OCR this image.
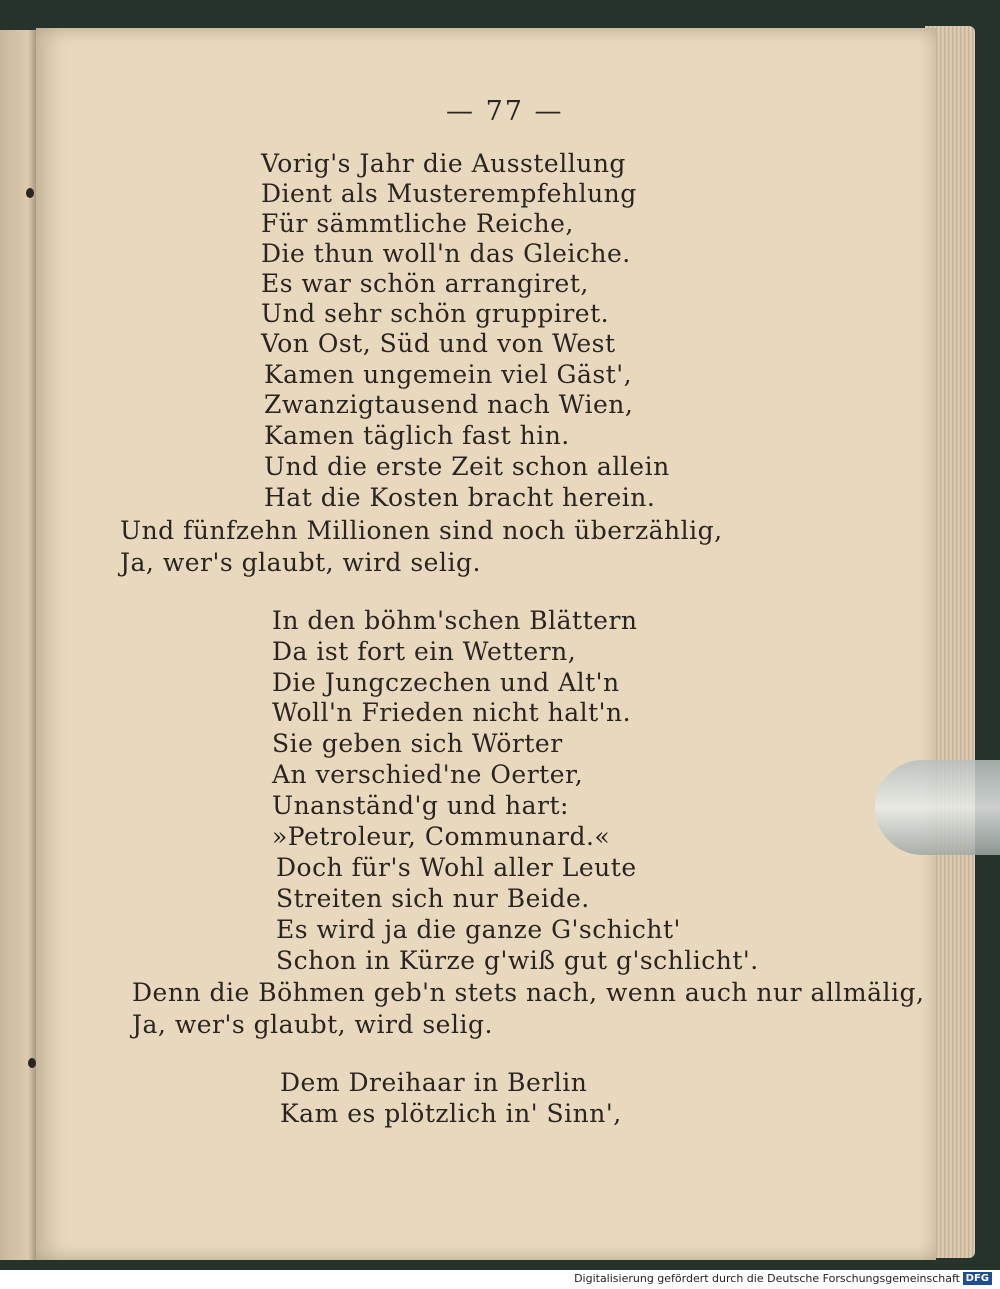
— 77 —
Vorig's Jahr die Ausstellung
Dient als Musterempfehlung
Für sämmtliche Reiche,
Die thun woll'n das Gleiche.
Es war schön arrangiret,
Und sehr schön gruppiret.
Von Ost, Süd und von West
Kamen ungemein viel Gäst',
Zwanzigtausend nach Wien,
Kamen täglich fast hin.
Und die erste Zeit schon allein
Hat die Kosten bracht herein.
Und fünfzehn Millionen sind noch überzählig,
Ja, wer's glaubt, wird selig.
In den böhm'schen Blättern
Da ist fort ein Wettern,
Die Jungczechen und Alt'n
Woll'n Frieden nicht halt'n.
Sie geben sich Wörter
An verschied'ne Oerter,
Unanständ'g und hart:
»Petroleur, Communard.«
Doch für's Wohl aller Leute
Streiten sich nur Beide.
Es wird ja die ganze G'schicht'
Schon in Kürze g'wiß gut g'schlicht'.
Denn die Böhmen geb'n stets nach, wenn auch nur allmälig,
Ja, wer's glaubt, wird selig.
Dem Dreihaar in Berlin
Kam es plötzlich in' Sinn',
Digitalisierung gefördert durch die Deutsche Forschungsgemeinschaft DFG
